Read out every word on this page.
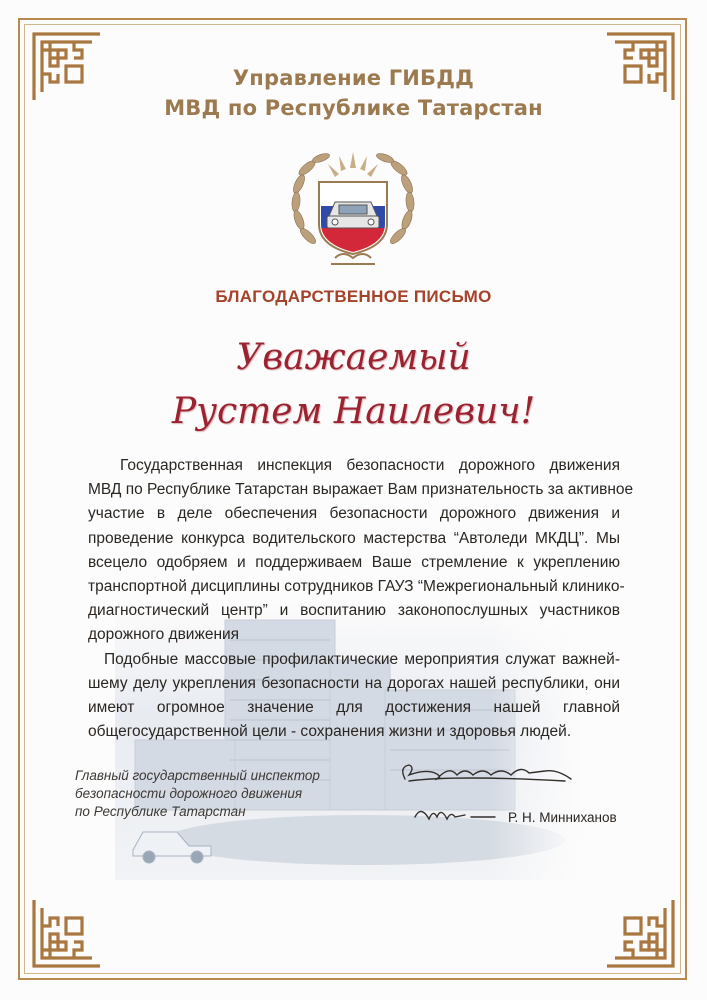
Управление ГИБДД
МВД по Республике Татарстан
БЛАГОДАРСТВЕННОЕ ПИСЬМО
Уважаемый
Рустем Наилевич!
Государственная инспекция безопасности дорожного движения
МВД по Республике Татарстан выражает Вам признательность за активное
участие в деле обеспечения безопасности дорожного движения и
проведение конкурса водительского мастерства “Автоледи МКДЦ”. Мы
всецело одобряем и поддерживаем Ваше стремление к укреплению
транспортной дисциплины сотрудников ГАУЗ “Межрегиональный клинико-
диагностический центр” и воспитанию законопослушных участников
дорожного движения
Подобные массовые профилактические мероприятия служат важней-
шему делу укрепления безопасности на дорогах нашей республики, они
имеют огромное значение для достижения нашей главной
общегосударственной цели - сохранения жизни и здоровья людей.
Главный государственный инспектор
безопасности дорожного движения
по Республике Татарстан	Р. Н. Минниханов
